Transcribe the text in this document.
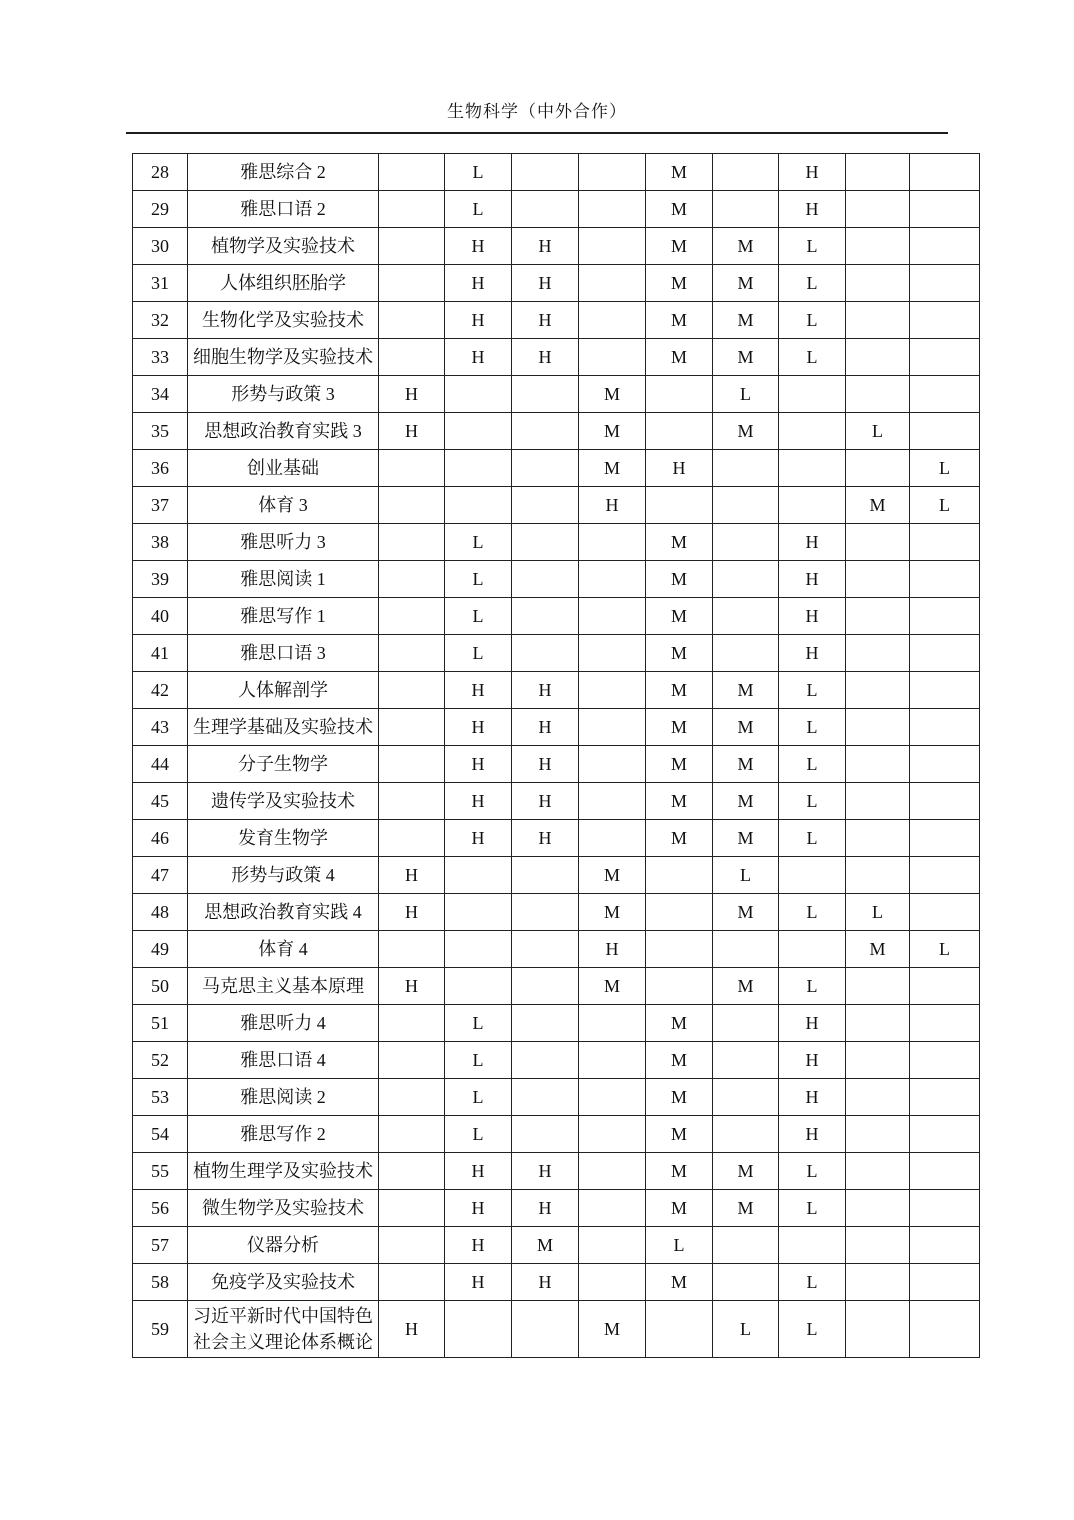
生物科学（中外合作）
28	雅思综合 2		L			M		H		
29	雅思口语 2		L			M		H		
30	植物学及实验技术		H	H		M	M	L		
31	人体组织胚胎学		H	H		M	M	L		
32	生物化学及实验技术		H	H		M	M	L		
33	细胞生物学及实验技术		H	H		M	M	L		
34	形势与政策 3	H			M		L			
35	思想政治教育实践 3	H			M		M		L	
36	创业基础				M	H				L
37	体育 3				H				M	L
38	雅思听力 3		L			M		H		
39	雅思阅读 1		L			M		H		
40	雅思写作 1		L			M		H		
41	雅思口语 3		L			M		H		
42	人体解剖学		H	H		M	M	L		
43	生理学基础及实验技术		H	H		M	M	L		
44	分子生物学		H	H		M	M	L		
45	遗传学及实验技术		H	H		M	M	L		
46	发育生物学		H	H		M	M	L		
47	形势与政策 4	H			M		L			
48	思想政治教育实践 4	H			M		M	L	L	
49	体育 4				H				M	L
50	马克思主义基本原理	H			M		M	L		
51	雅思听力 4		L			M		H		
52	雅思口语 4		L			M		H		
53	雅思阅读 2		L			M		H		
54	雅思写作 2		L			M		H		
55	植物生理学及实验技术		H	H		M	M	L		
56	微生物学及实验技术		H	H		M	M	L		
57	仪器分析		H	M		L				
58	免疫学及实验技术		H	H		M		L		
59	习近平新时代中国特色社会主义理论体系概论	H			M		L	L		
